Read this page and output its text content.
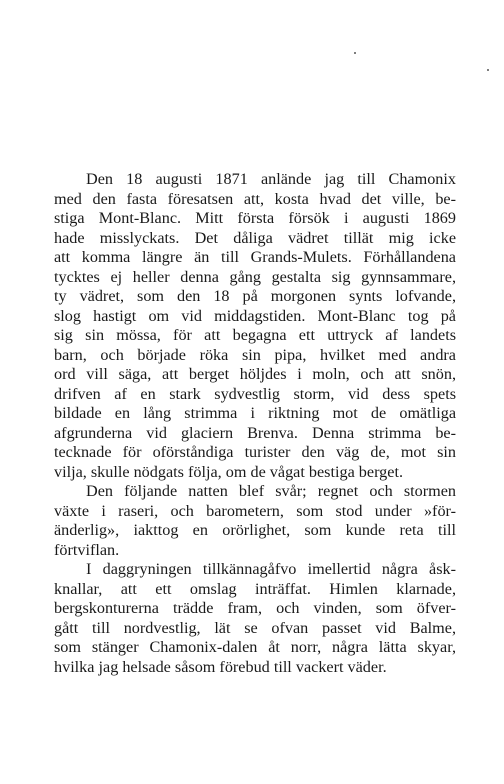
Den 18 augusti 1871 anlände jag till Chamonix
med den fasta föresatsen att, kosta hvad det ville, be-
stiga Mont-Blanc. Mitt första försök i augusti 1869
hade misslyckats. Det dåliga vädret tillät mig icke
att komma längre än till Grands-Mulets. Förhållandena
tycktes ej heller denna gång gestalta sig gynnsammare,
ty vädret, som den 18 på morgonen synts lofvande,
slog hastigt om vid middagstiden. Mont-Blanc tog på
sig sin mössa, för att begagna ett uttryck af landets
barn, och började röka sin pipa, hvilket med andra
ord vill säga, att berget höljdes i moln, och att snön,
drifven af en stark sydvestlig storm, vid dess spets
bildade en lång strimma i riktning mot de omätliga
afgrunderna vid glaciern Brenva. Denna strimma be-
tecknade för oförståndiga turister den väg de, mot sin
vilja, skulle nödgats följa, om de vågat bestiga berget.
Den följande natten blef svår; regnet och stormen
växte i raseri, och barometern, som stod under »för-
änderlig», iakttog en orörlighet, som kunde reta till
förtviflan.
I daggryningen tillkännagåfvo imellertid några åsk-
knallar, att ett omslag inträffat. Himlen klarnade,
bergskonturerna trädde fram, och vinden, som öfver-
gått till nordvestlig, lät se ofvan passet vid Balme,
som stänger Chamonix-dalen åt norr, några lätta skyar,
hvilka jag helsade såsom förebud till vackert väder.
